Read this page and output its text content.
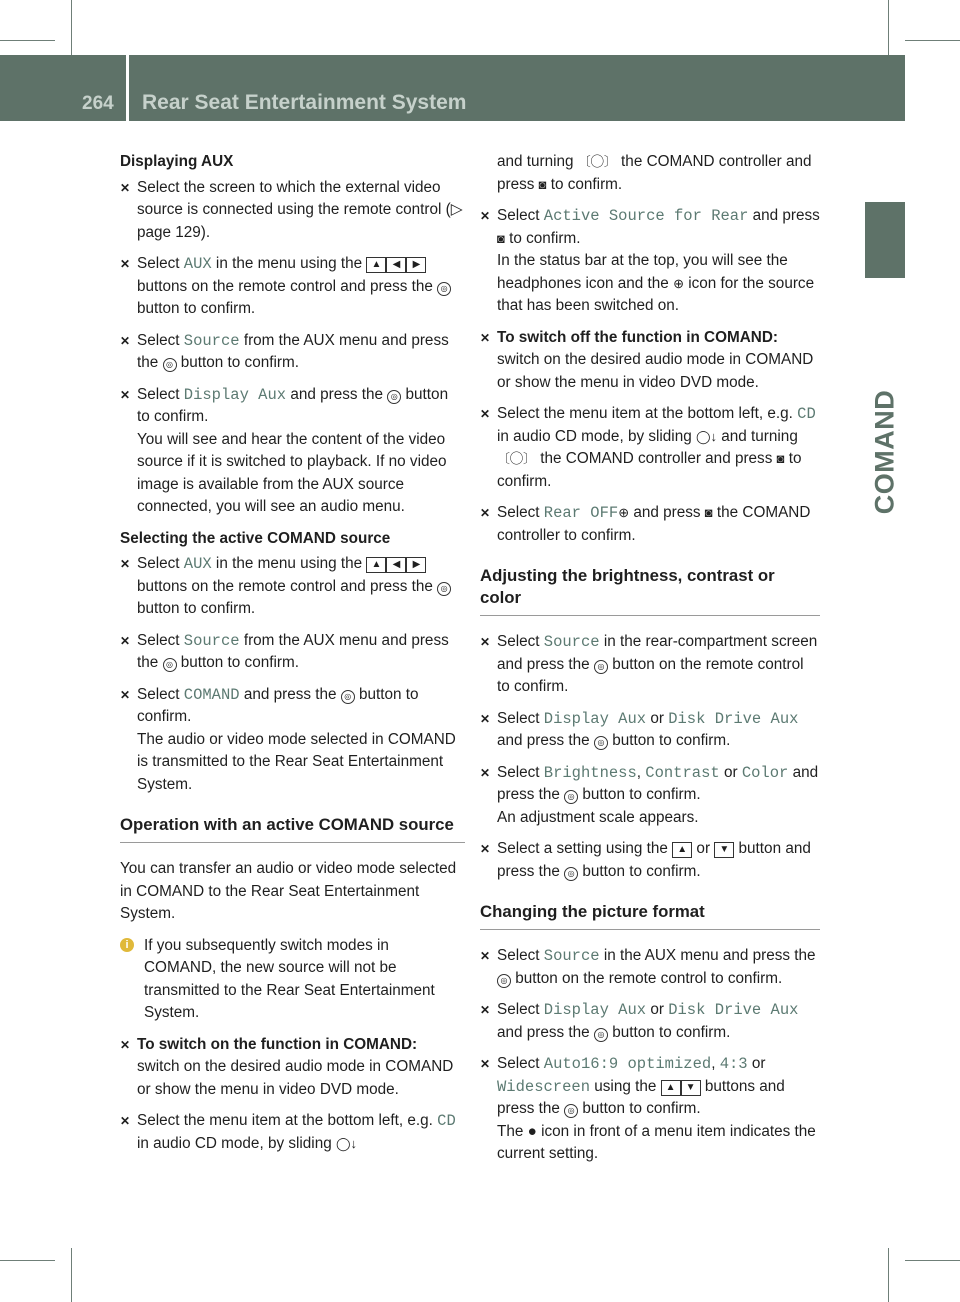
264 Rear Seat Entertainment System
COMAND
Displaying AUX
✕ Select the screen to which the external video source is connected using the remote control (▷ page 129).
✕ Select AUX in the menu using the ▲ ◀ ▶ buttons on the remote control and press the ◎ button to confirm.
✕ Select Source from the AUX menu and press the ◎ button to confirm.
✕ Select Display Aux and press the ◎ button to confirm.
You will see and hear the content of the video source if it is switched to playback. If no video image is available from the AUX source connected, you will see an audio menu.
Selecting the active COMAND source
✕ Select AUX in the menu using the ▲ ◀ ▶ buttons on the remote control and press the ◎ button to confirm.
✕ Select Source from the AUX menu and press the ◎ button to confirm.
✕ Select COMAND and press the ◎ button to confirm.
The audio or video mode selected in COMAND is transmitted to the Rear Seat Entertainment System.
Operation with an active COMAND source
You can transfer an audio or video mode selected in COMAND to the Rear Seat Entertainment System.
i	If you subsequently switch modes in COMAND, the new source will not be transmitted to the Rear Seat Entertainment System.
✕ To switch on the function in COMAND:
switch on the desired audio mode in COMAND or show the menu in video DVD mode.
✕ Select the menu item at the bottom left, e.g. CD in audio CD mode, by sliding ◯↓
and turning 〔◯〕 the COMAND controller and press ◙ to confirm.
✕ Select Active Source for Rear and press ◙ to confirm.
In the status bar at the top, you will see the headphones icon and the ⊕ icon for the source that has been switched on.
✕ To switch off the function in COMAND:
switch on the desired audio mode in COMAND or show the menu in video DVD mode.
✕ Select the menu item at the bottom left, e.g. CD in audio CD mode, by sliding ◯↓ and turning 〔◯〕 the COMAND controller and press ◙ to confirm.
✕ Select Rear OFF⊕ and press ◙ the COMAND controller to confirm.
Adjusting the brightness, contrast or color
✕ Select Source in the rear-compartment screen and press the ◎ button on the remote control to confirm.
✕ Select Display Aux or Disk Drive Aux and press the ◎ button to confirm.
✕ Select Brightness, Contrast or Color and press the ◎ button to confirm.
An adjustment scale appears.
✕ Select a setting using the ▲ or ▼ button and press the ◎ button to confirm.
Changing the picture format
✕ Select Source in the AUX menu and press the ◎ button on the remote control to confirm.
✕ Select Display Aux or Disk Drive Aux and press the ◎ button to confirm.
✕ Select Auto16:9 optimized, 4:3 or
Widescreen using the ▲ ▼ buttons and press the ◎ button to confirm.
The ● icon in front of a menu item indicates the current setting.
